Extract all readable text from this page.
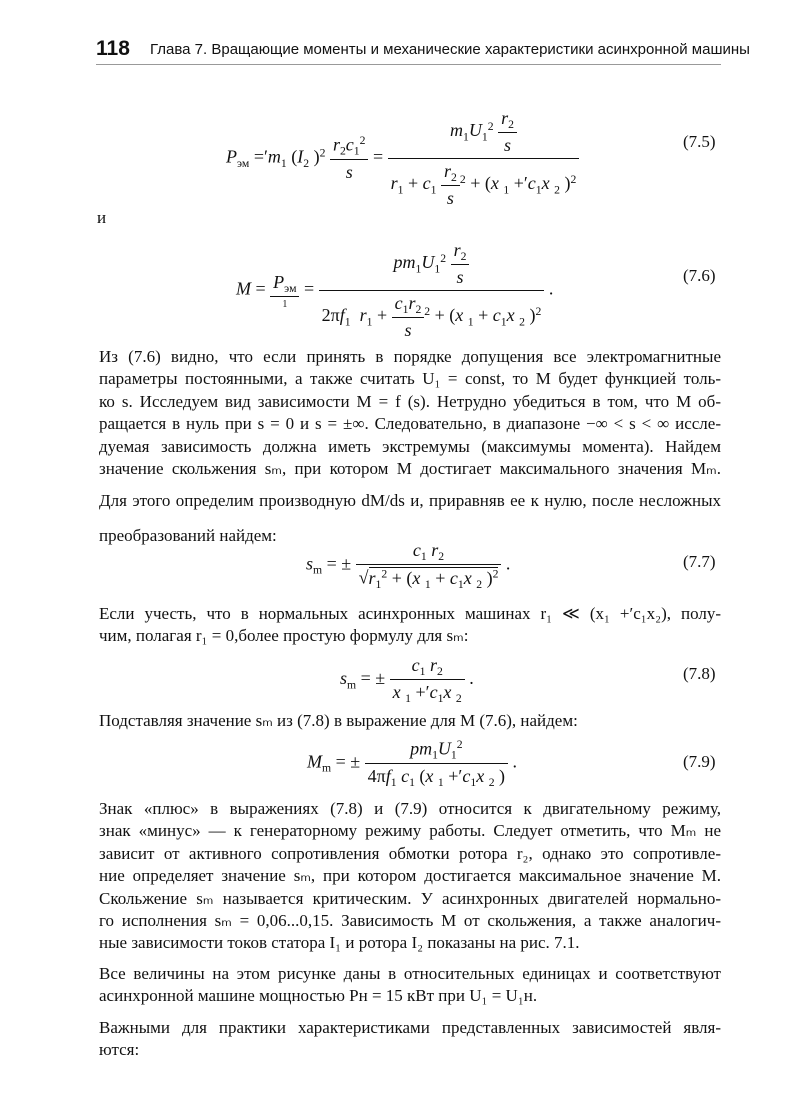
118 Глава 7. Вращающие моменты и механические характеристики асинхронной машины
$P_{эм} ='m_1$ ($I_2$ )$^2 \frac{r_2c_1^2}{s} = \frac{m_1U_1^2 \frac{r_2}{s}}{r_1 + c_1 \frac{r_2}{s} ^2 + (x _1 +'c_1x _2 )^2}$	(7.5)
и
$M = \frac{P_{эм}}{1} = \frac{pm_1U_1^2 \frac{r_2}{s}}{2\pi f_1 r_1 + \frac{c_1r_2}{s} ^2 + (x _1 + c_1x _2 )^2}$ .
(7.6)
Из (7.6) видно, что если принять в порядке допущения все электромагнитные
параметры постоянными, а также считать U₁ = const, то M будет функцией толь-
ко s. Исследуем вид зависимости M = f (s). Нетрудно убедиться в том, что M об-
ращается в нуль при s = 0 и s = ±∞. Следовательно, в диапазоне −∞ < s < ∞ иссле-
дуемая зависимость должна иметь экстремумы (максимумы момента). Найдем
значение скольжения sₘ, при котором M достигает максимального значения Mₘ.
Для этого определим производную dM/ds и, приравняв ее к нулю, после несложных
преобразований найдем:
$s_m$ = ± $\frac{c_1 r_2}{√r_1^2 + (x _1 + c_1x _2 )^2}$ .	(7.7)
Если учесть, что в нормальных асинхронных машинах r₁ ≪ (x₁ +′c₁x₂), полу-
чим, полагая r₁ = 0,более простую формулу для sₘ:
$s_m$ = ± $\frac{c_1 r_2}{x _1 +'c_1x _2}$ .	(7.8)
Подставляя значение sₘ из (7.8) в выражение для M (7.6), найдем:
$M_m$ = ± $\frac{pm_1U_1^2}{4\pi f_1 c_1 (x _1 +'c_1x _2 )}$ .	(7.9)
Знак «плюс» в выражениях (7.8) и (7.9) относится к двигательному режиму,
знак «минус» — к генераторному режиму работы. Следует отметить, что Mₘ не
зависит от активного сопротивления обмотки ротора r₂, однако это сопротивле-
ние определяет значение sₘ, при котором достигается максимальное значение M.
Скольжение sₘ называется критическим. У асинхронных двигателей нормально-
го исполнения sₘ = 0,06...0,15. Зависимость M от скольжения, а также аналогич-
ные зависимости токов статора I₁ и ротора I₂ показаны на рис. 7.1.
Все величины на этом рисунке даны в относительных единицах и соответствуют
асинхронной машине мощностью Pн = 15 кВт при U₁ = U₁н.
Важными для практики характеристиками представленных зависимостей явля-
ются:
